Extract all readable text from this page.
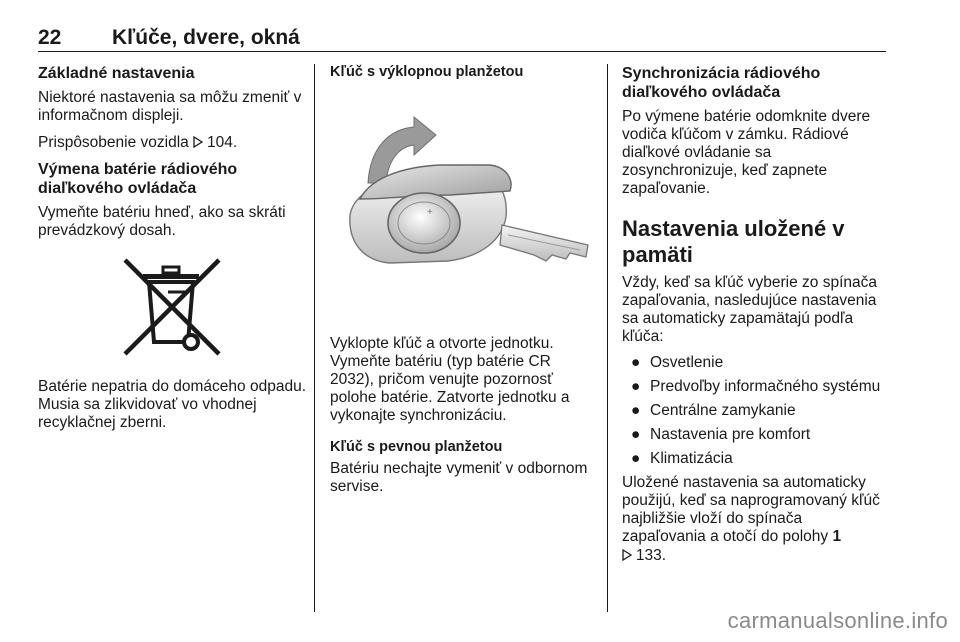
22 Kľúče, dvere, okná
Základné nastavenia

Niektoré nastavenia sa môžu zmeniť v informačnom displeji.

Prispôsobenie vozidla 104.

Výmena batérie rádiového diaľkového ovládača

Vymeňte batériu hneď, ako sa skráti prevádzkový dosah.

Batérie nepatria do domáceho odpadu. Musia sa zlikvidovať vo vhodnej recyklačnej zberni.

Kľúč s výklopnou planžetou
+

Vyklopte kľúč a otvorte jednotku. Vymeňte batériu (typ batérie CR 2032), pričom venujte pozornosť polohe batérie. Zatvorte jednotku a vykonajte synchronizáciu.

Kľúč s pevnou planžetou

Batériu nechajte vymeniť v odbornom servise.

Synchronizácia rádiového diaľkového ovládača

Po výmene batérie odomknite dvere vodiča kľúčom v zámku. Rádiové diaľkové ovládanie sa zosynchronizuje, keď zapnete zapaľovanie.

Nastavenia uložené v pamäti

Vždy, keď sa kľúč vyberie zo spínača zapaľovania, nasledujúce nastavenia sa automaticky zapamätajú podľa kľúča:

● Osvetlenie
● Predvoľby informačného systému
● Centrálne zamykanie
● Nastavenia pre komfort
● Klimatizácia

Uložené nastavenia sa automaticky použijú, keď sa naprogramovaný kľúč najbližšie vloží do spínača zapaľovania a otočí do polohy 1
133.

carmanualsonline.info
